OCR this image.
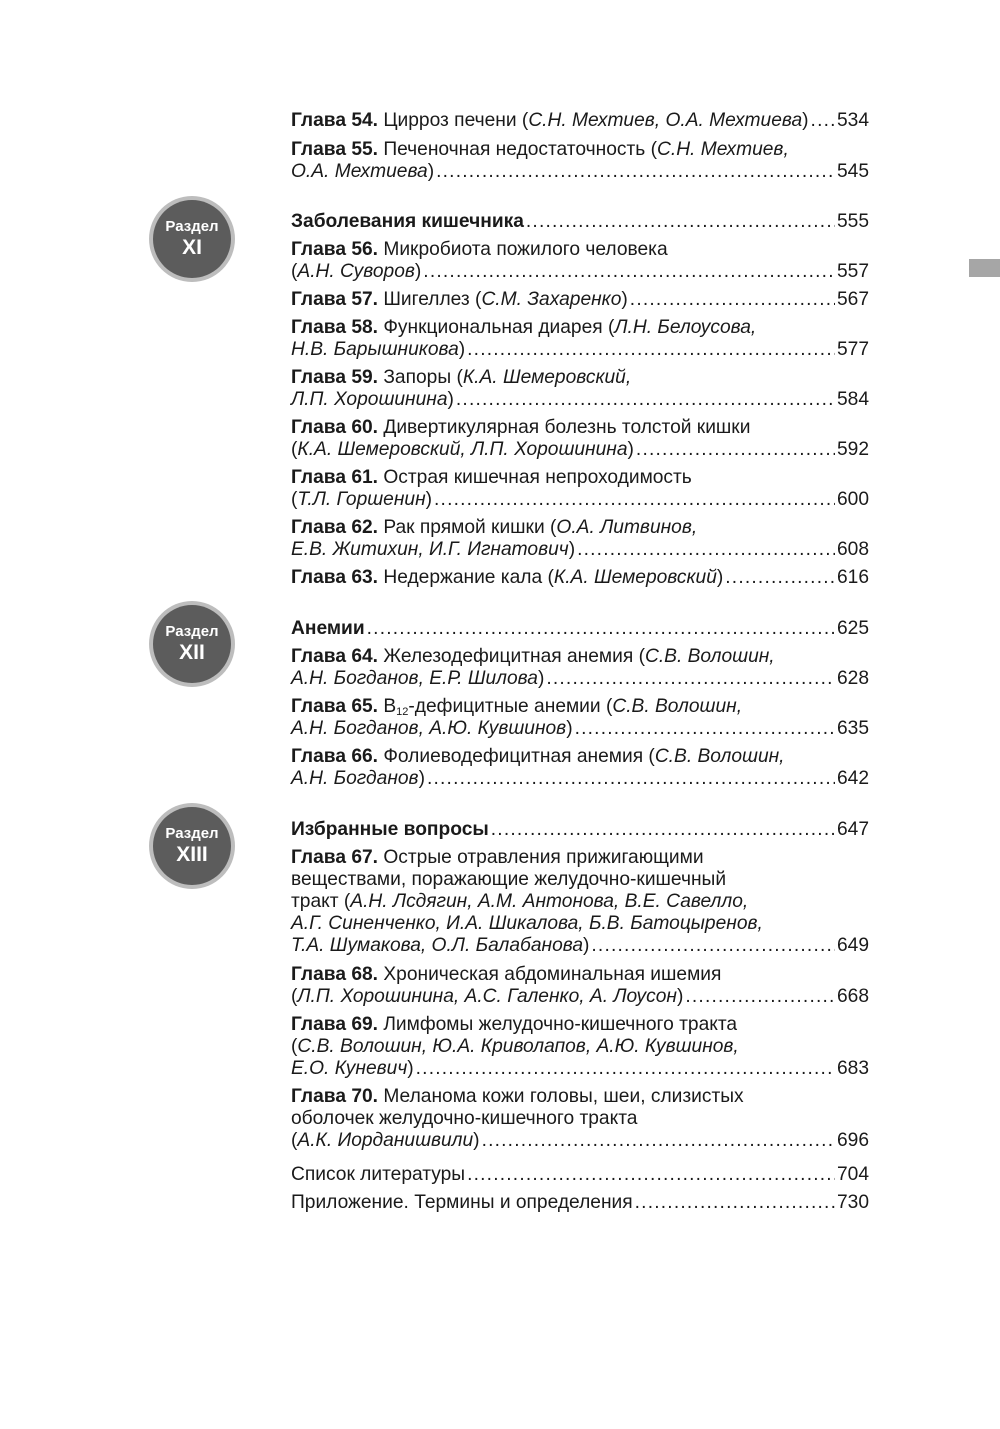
Раздел
XI
Раздел
XII
Раздел
XIII
Глава 54. Цирроз печени (С.Н. Мехтиев, О.А. Мехтиева) ..... 534
Глава 55. Печеночная недостаточность (С.Н. Мехтиев,
О.А. Мехтиева) .....	545
Заболевания кишечника .....	555
Глава 56. Микробиота пожилого человека
(А.Н. Суворов) .....	557
Глава 57. Шигеллез (С.М. Захаренко) .....	567
Глава 58. Функциональная диарея (Л.Н. Белоусова,
Н.В. Барышникова) .....	577
Глава 59. Запоры (К.А. Шемеровский,
Л.П. Хорошинина) .....	584
Глава 60. Дивертикулярная болезнь толстой кишки
(К.А. Шемеровский, Л.П. Хорошинина) .....	592
Глава 61. Острая кишечная непроходимость
(Т.Л. Горшенин) .....	600
Глава 62. Рак прямой кишки (О.А. Литвинов,
Е.В. Житихин, И.Г. Игнатович) .....	608
Глава 63. Недержание кала (К.А. Шемеровский) .....	616
Анемии .....	625
Глава 64. Железодефицитная анемия (С.В. Волошин,
А.Н. Богданов, Е.Р. Шилова) .....	628
Глава 65. $B_{12}$-дефицитные анемии (С.В. Волошин,
А.Н. Богданов, А.Ю. Кувшинов) .....	635
Глава 66. Фолиеводефицитная анемия (С.В. Волошин,
А.Н. Богданов) .....	642
Избранные вопросы .....	647
Глава 67. Острые отравления прижигающими
веществами, поражающие желудочно-кишечный
тракт (А.Н. Лсдягин, А.М. Антонова, В.Е. Савелло,
А.Г. Синенченко, И.А. Шикалова, Б.В. Батоцыренов,
Т.А. Шумакова, О.Л. Балабанова) .....	649
Глава 68. Хроническая абдоминальная ишемия
(Л.П. Хорошинина, А.С. Галенко, А. Лоусон) .....	668
Глава 69. Лимфомы желудочно-кишечного тракта
(С.В. Волошин, Ю.А. Криволапов, А.Ю. Кувшинов,
Е.О. Куневич) .....	683
Глава 70. Меланома кожи головы, шеи, слизистых
оболочек желудочно-кишечного тракта
(А.К. Иорданишвили) .....	696
Список литературы .....	704
Приложение. Термины и определения .....	730
